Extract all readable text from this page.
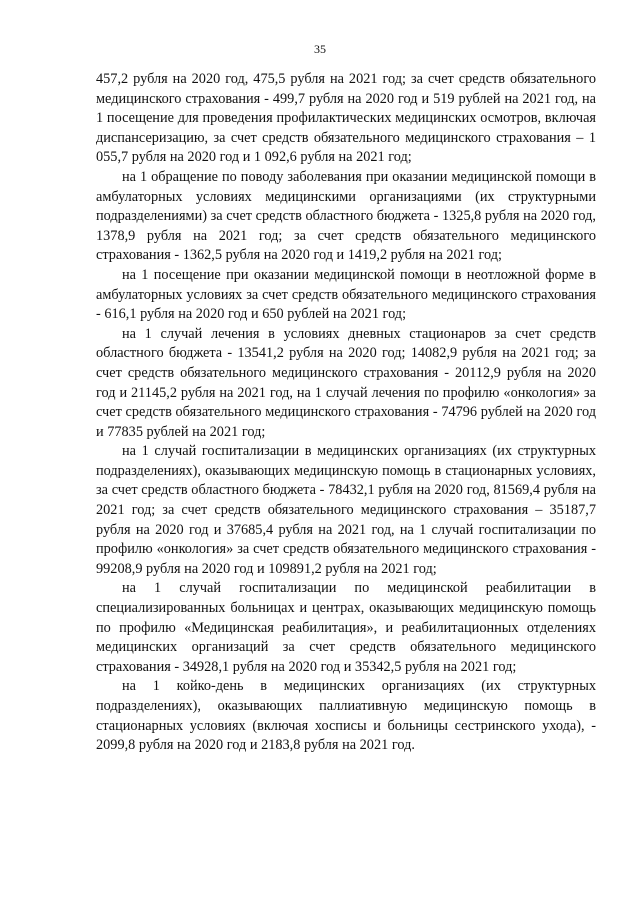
35

457,2 рубля на 2020 год, 475,5 рубля на 2021 год; за счет средств обязательного медицинского страхования - 499,7 рубля на 2020 год и 519 рублей на 2021 год, на 1 посещение для проведения профилактических медицинских осмотров, включая диспансеризацию, за счет средств обязательного медицинского страхования – 1 055,7 рубля на 2020 год и 1 092,6 рубля на 2021 год;

на 1 обращение по поводу заболевания при оказании медицинской помощи в амбулаторных условиях медицинскими организациями (их структурными подразделениями) за счет средств областного бюджета - 1325,8 рубля на 2020 год, 1378,9 рубля на 2021 год; за счет средств обязательного медицинского страхования - 1362,5 рубля на 2020 год и 1419,2 рубля на 2021 год;

на 1 посещение при оказании медицинской помощи в неотложной форме в амбулаторных условиях за счет средств обязательного медицинского страхования - 616,1 рубля на 2020 год и 650 рублей на 2021 год;

на 1 случай лечения в условиях дневных стационаров за счет средств областного бюджета - 13541,2 рубля на 2020 год; 14082,9 рубля на 2021 год; за счет средств обязательного медицинского страхования - 20112,9 рубля на 2020 год и 21145,2 рубля на 2021 год, на 1 случай лечения по профилю «онкология» за счет средств обязательного медицинского страхования - 74796 рублей на 2020 год и 77835 рублей на 2021 год;

на 1 случай госпитализации в медицинских организациях (их структурных подразделениях), оказывающих медицинскую помощь в стационарных условиях, за счет средств областного бюджета - 78432,1 рубля на 2020 год, 81569,4 рубля на 2021 год; за счет средств обязательного медицинского страхования – 35187,7 рубля на 2020 год и 37685,4 рубля на 2021 год, на 1 случай госпитализации по профилю «онкология» за счет средств обязательного медицинского страхования - 99208,9 рубля на 2020 год и 109891,2 рубля на 2021 год;

на 1 случай госпитализации по медицинской реабилитации в специализированных больницах и центрах, оказывающих медицинскую помощь по профилю «Медицинская реабилитация», и реабилитационных отделениях медицинских организаций за счет средств обязательного медицинского страхования - 34928,1 рубля на 2020 год и 35342,5 рубля на 2021 год;

на 1 койко-день в медицинских организациях (их структурных подразделениях), оказывающих паллиативную медицинскую помощь в стационарных условиях (включая хосписы и больницы сестринского ухода), - 2099,8 рубля на 2020 год и 2183,8 рубля на 2021 год.
